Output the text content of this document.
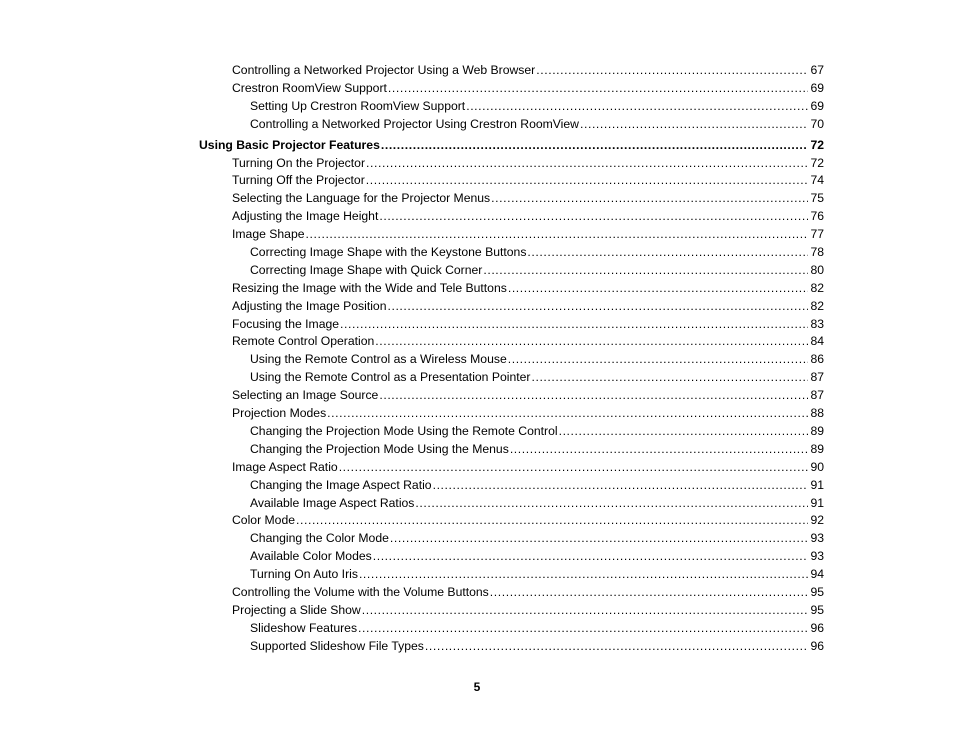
Controlling a Networked Projector Using a Web Browser .....	67
Crestron RoomView Support .....	69
Setting Up Crestron RoomView Support .....	69
Controlling a Networked Projector Using Crestron RoomView .....	70
Using Basic Projector Features .....	72
Turning On the Projector .....	72
Turning Off the Projector .....	74
Selecting the Language for the Projector Menus .....	75
Adjusting the Image Height .....	76
Image Shape .....	77
Correcting Image Shape with the Keystone Buttons .....	78
Correcting Image Shape with Quick Corner .....	80
Resizing the Image with the Wide and Tele Buttons .....	82
Adjusting the Image Position .....	82
Focusing the Image .....	83
Remote Control Operation .....	84
Using the Remote Control as a Wireless Mouse .....	86
Using the Remote Control as a Presentation Pointer .....	87
Selecting an Image Source .....	87
Projection Modes .....	88
Changing the Projection Mode Using the Remote Control .....	89
Changing the Projection Mode Using the Menus .....	89
Image Aspect Ratio .....	90
Changing the Image Aspect Ratio .....	91
Available Image Aspect Ratios .....	91
Color Mode .....	92
Changing the Color Mode .....	93
Available Color Modes .....	93
Turning On Auto Iris .....	94
Controlling the Volume with the Volume Buttons .....	95
Projecting a Slide Show .....	95
Slideshow Features .....	96
Supported Slideshow File Types .....	96
5
